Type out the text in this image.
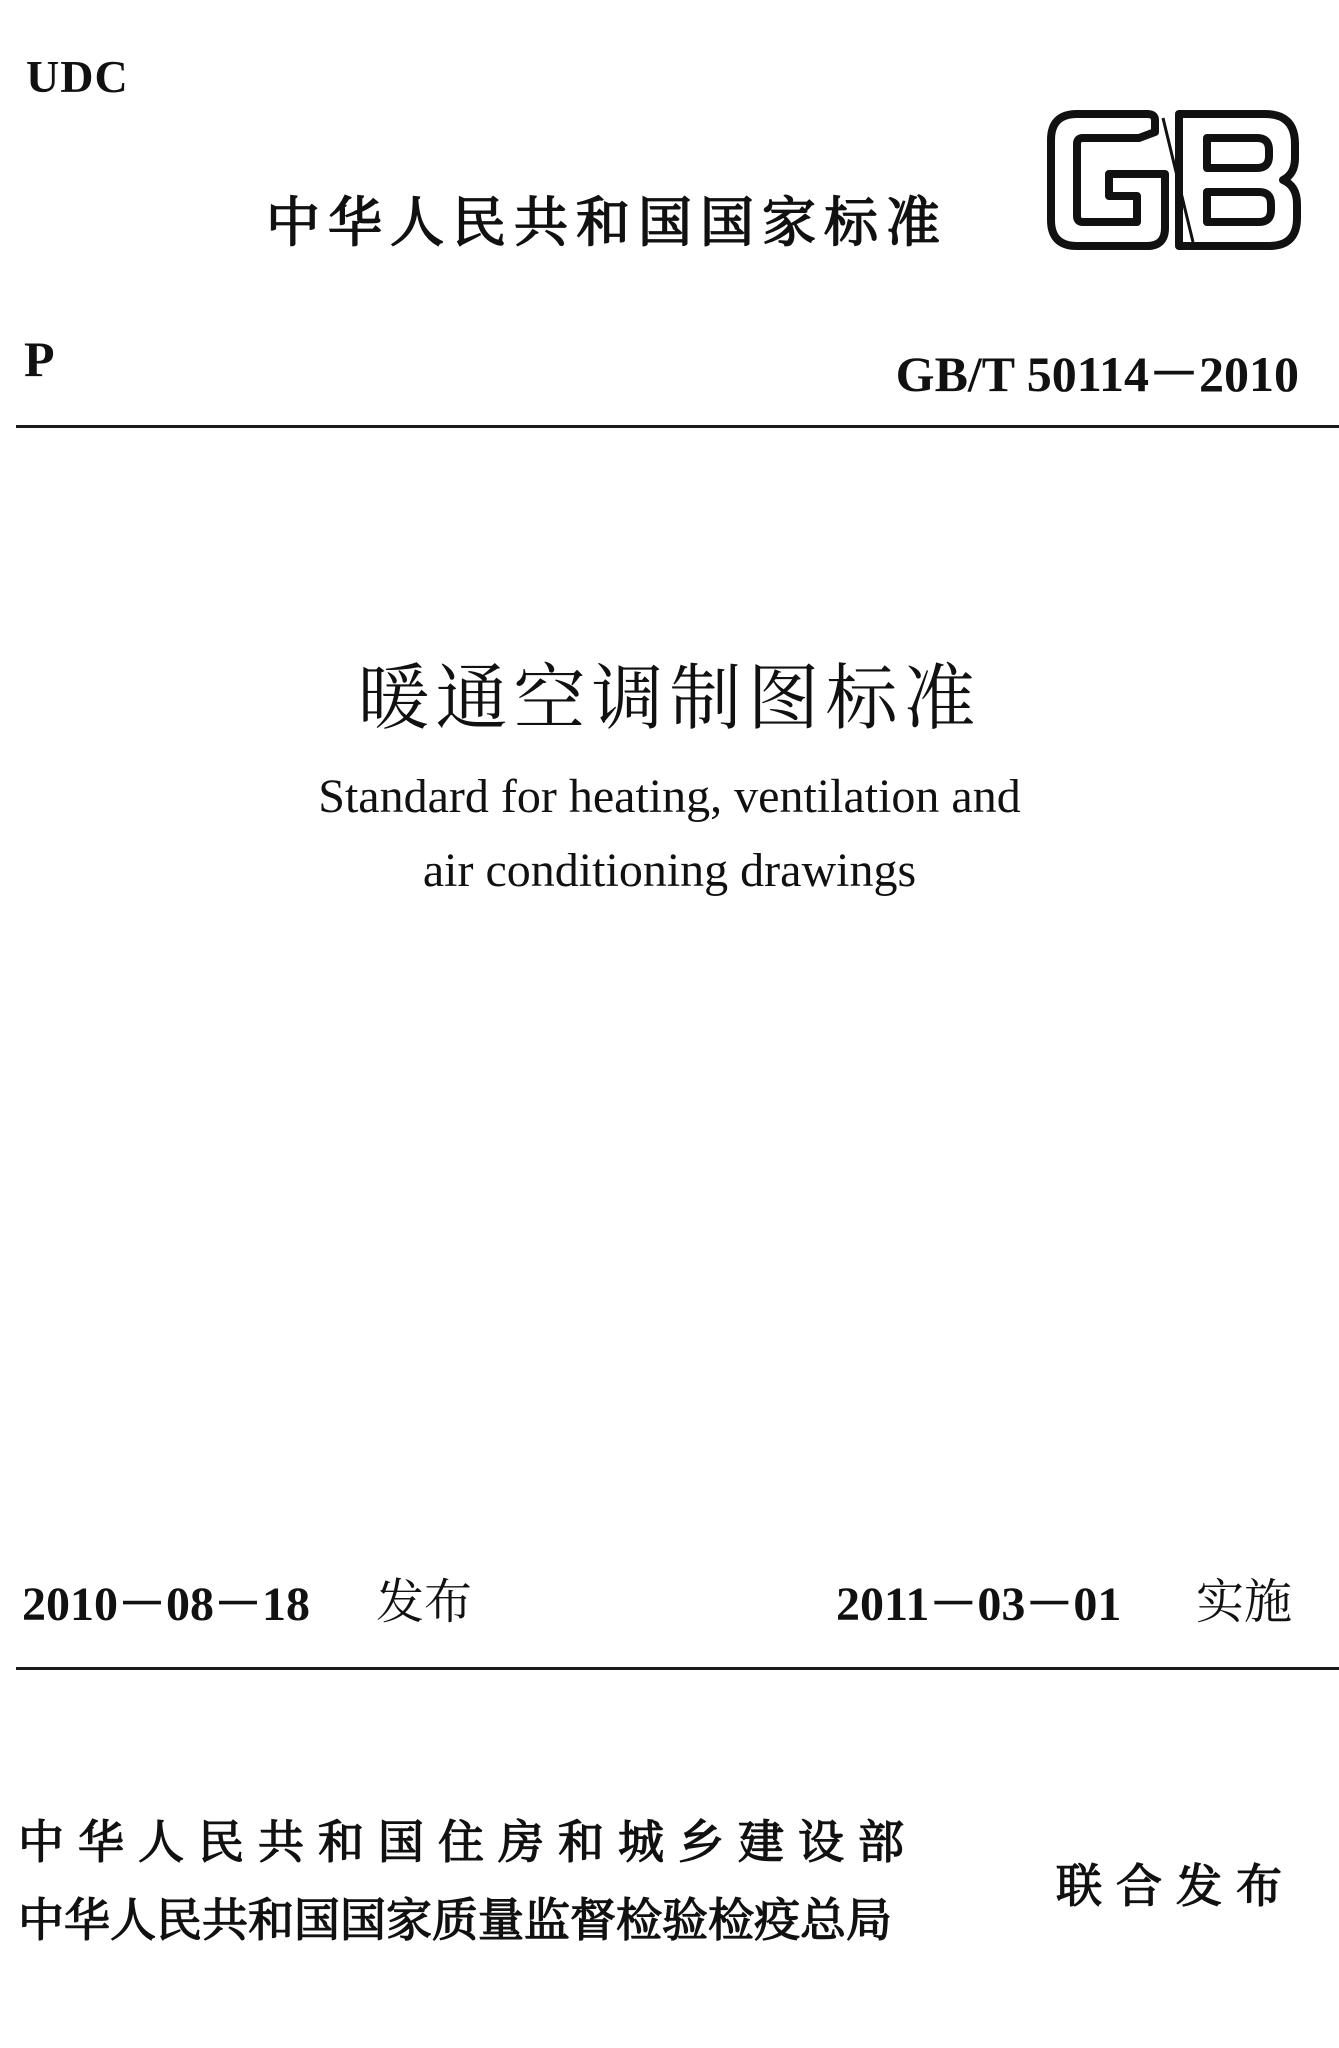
UDC
中华人民共和国国家标准
P	GB/T 50114－2010
暖通空调制图标准
Standard for heating, ventilation and
air conditioning drawings
2010－08－18 发布	2011－03－01 实施
中华人民共和国住房和城乡建设部
中华人民共和国国家质量监督检验检疫总局
联合发布
